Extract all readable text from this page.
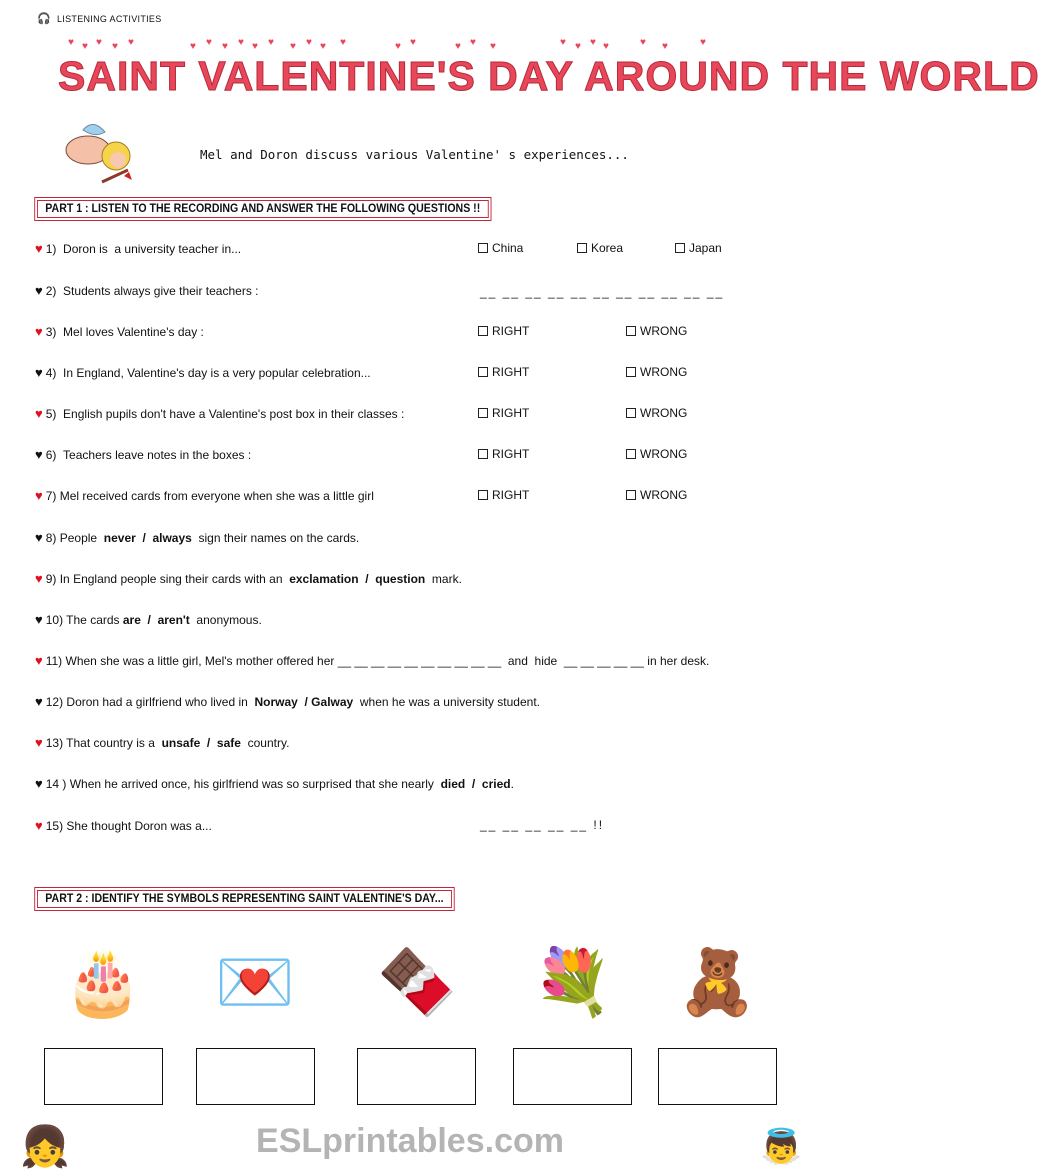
🎧 LISTENING ACTIVITIES
♥ ♥ ♥ ♥ ♥	♥ ♥ ♥ ♥ ♥ ♥ ♥ ♥ ♥ ♥	♥ ♥	♥ ♥ ♥	♥ ♥ ♥ ♥	♥ ♥	♥
SAINT VALENTINE'S DAY AROUND THE WORLD
Mel and Doron discuss various Valentine' s experiences...
PART 1 : LISTEN TO THE RECORDING AND ANSWER THE FOLLOWING QUESTIONS !!
♥ 1)  Doron is  a university teacher in...	China	Korea	Japan
♥ 2)  Students always give their teachers :	__ __ __ __ __ __ __ __ __ __ __
♥ 3)  Mel loves Valentine's day :	RIGHT	WRONG
♥ 4)  In England, Valentine's day is a very popular celebration...	RIGHT	WRONG
♥ 5)  English pupils don't have a Valentine's post box in their classes :	RIGHT	WRONG
♥ 6)  Teachers leave notes in the boxes :	RIGHT	WRONG
♥ 7) Mel received cards from everyone when she was a little girl	RIGHT	WRONG
♥ 8) People  never  /  always  sign their names on the cards.
♥ 9) In England people sing their cards with an  exclamation  /  question  mark.
♥ 10) The cards are  /  aren't  anonymous.
♥ 11) When she was a little girl, Mel's mother offered her __ __ __ __ __ __ __ __ __ __  and  hide  __ __ __ __ __ in her desk.
♥ 12) Doron had a girlfriend who lived in  Norway  / Galway  when he was a university student.
♥ 13) That country is a  unsafe  /  safe  country.
♥ 14 ) When he arrived once, his girlfriend was so surprised that she nearly  died  /  cried.
♥ 15) She thought Doron was a...	__ __ __ __ __ !!
PART 2 : IDENTIFY THE SYMBOLS REPRESENTING SAINT VALENTINE'S DAY...
🎂 💌 🍫 💐 🧸
👧	👼
ESLprintables.com
